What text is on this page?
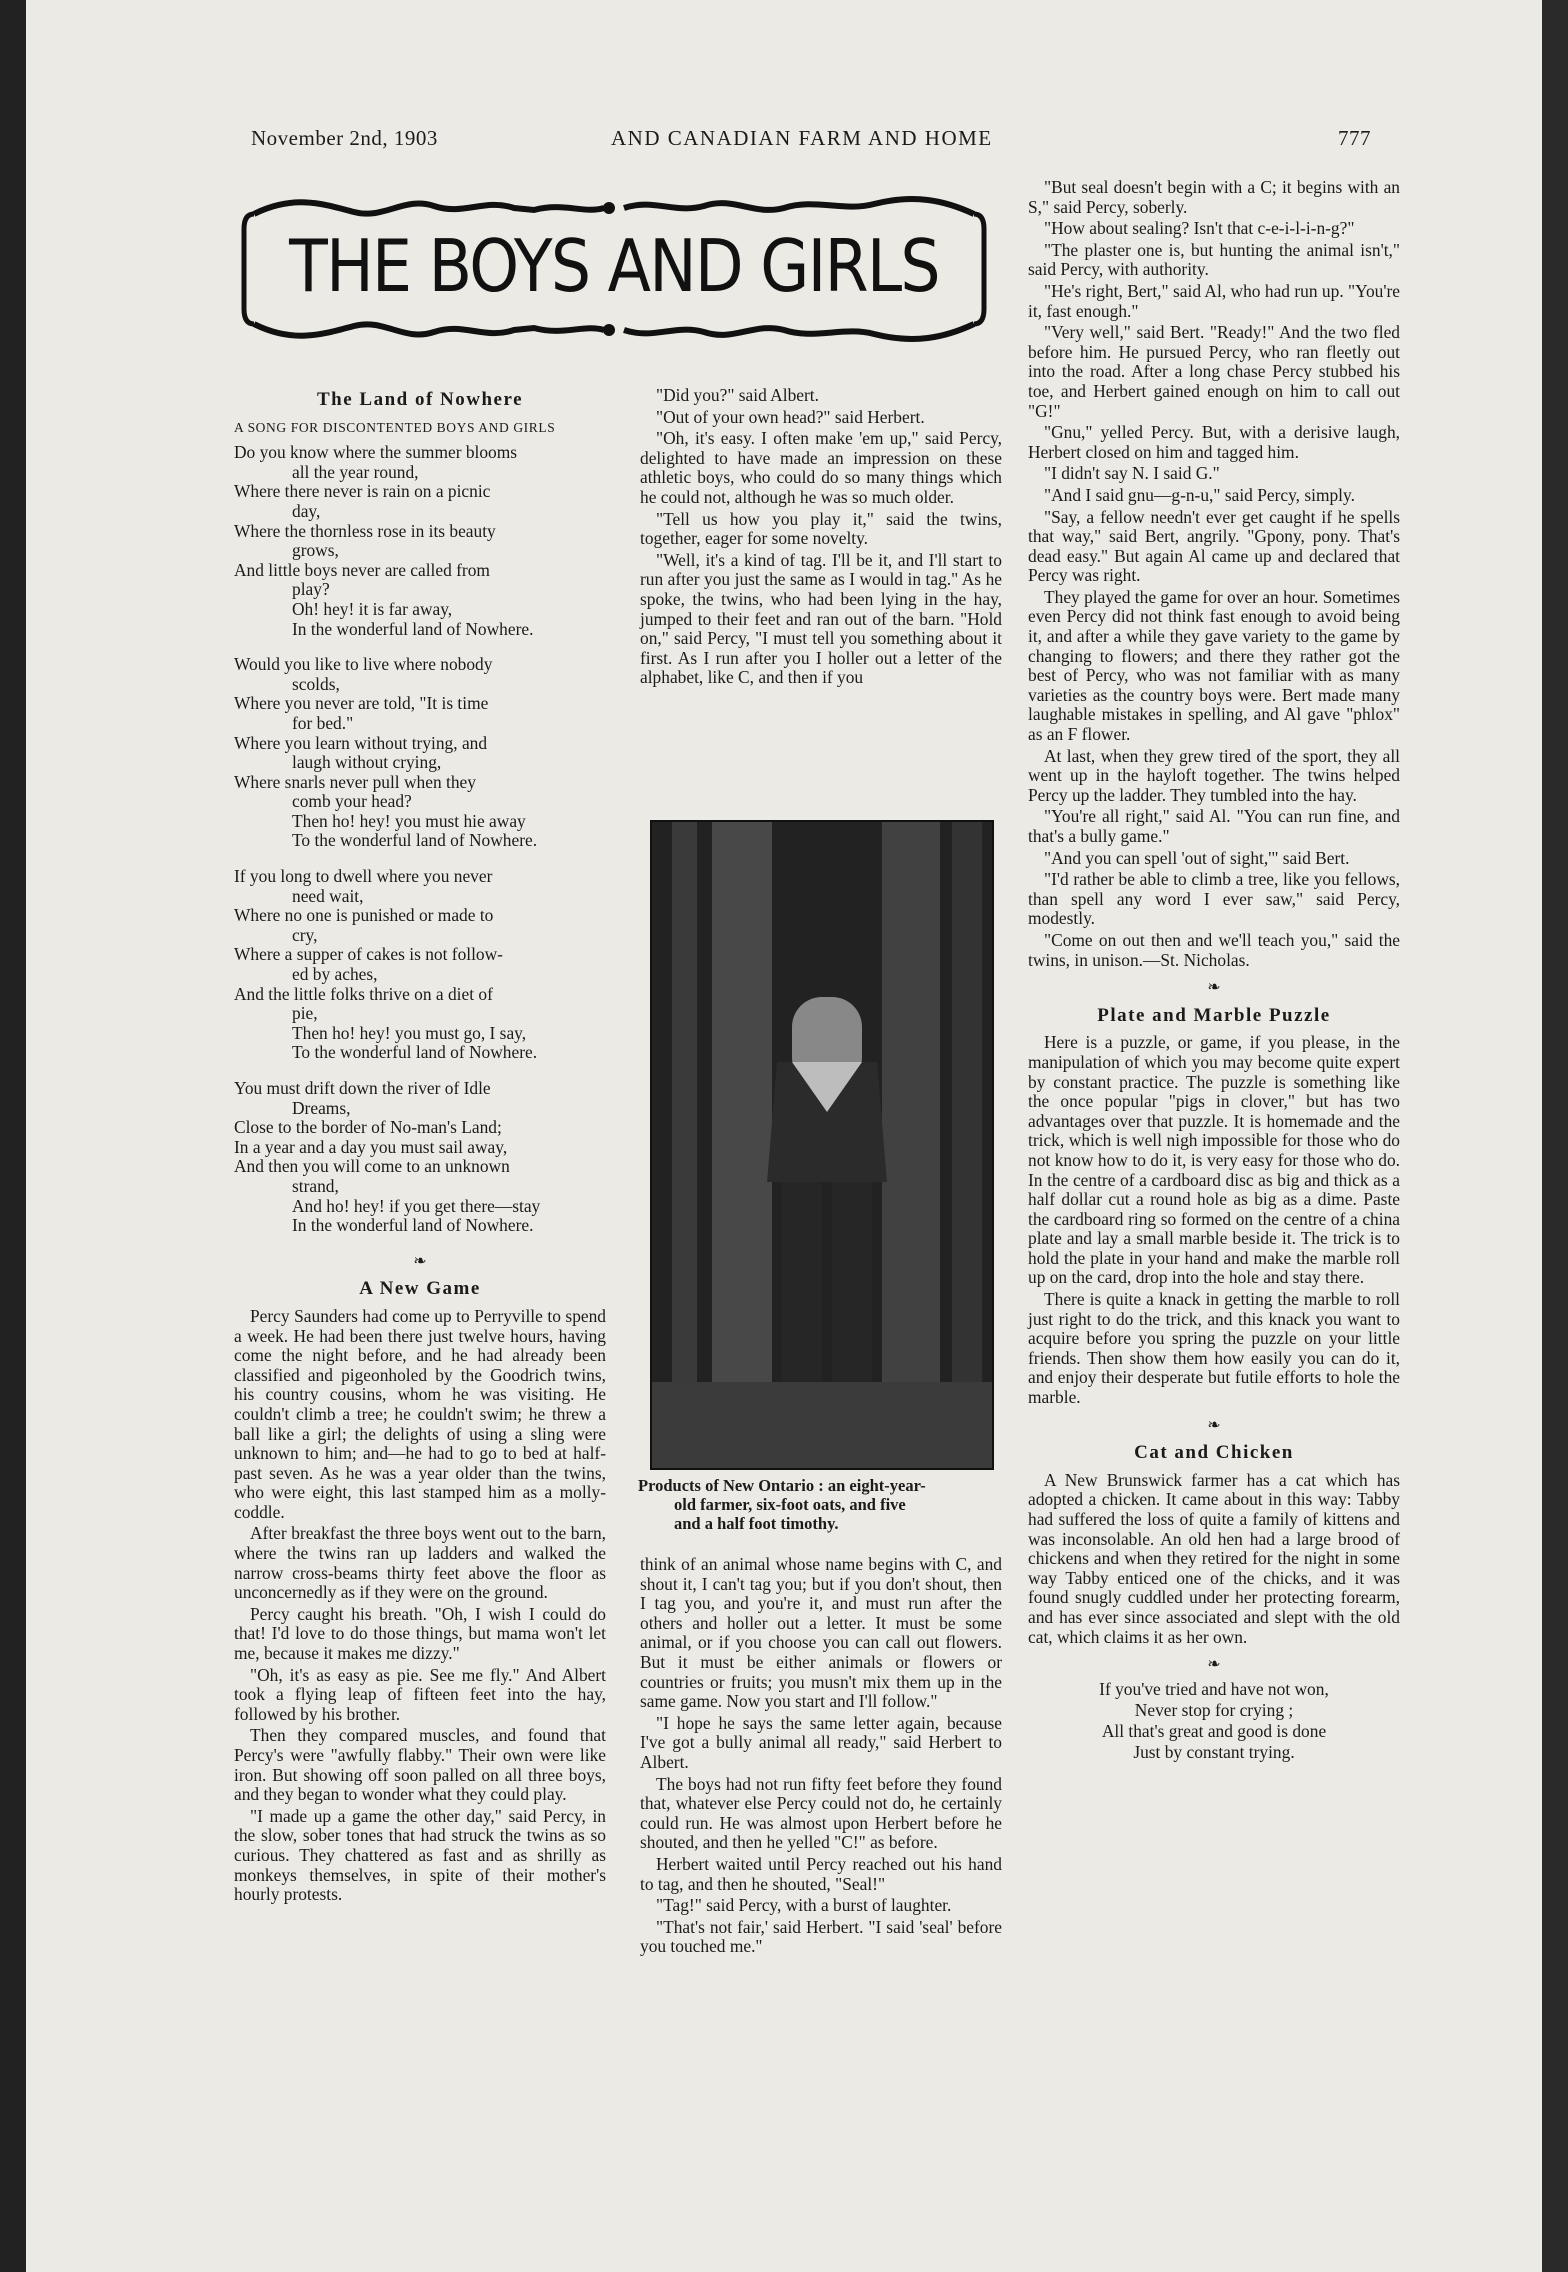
November 2nd, 1903	AND CANADIAN FARM AND HOME	777
THE BOYS AND GIRLS
The Land of Nowhere
A SONG FOR DISCONTENTED BOYS AND GIRLS
Do you know where the summer blooms
all the year round,
Where there never is rain on a picnic
day,
Where the thornless rose in its beauty
grows,
And little boys never are called from
play?
Oh! hey! it is far away,
In the wonderful land of Nowhere.
Would you like to live where nobody
scolds,
Where you never are told, "It is time
for bed."
Where you learn without trying, and
laugh without crying,
Where snarls never pull when they
comb your head?
Then ho! hey! you must hie away
To the wonderful land of Nowhere.
If you long to dwell where you never
need wait,
Where no one is punished or made to
cry,
Where a supper of cakes is not follow-
ed by aches,
And the little folks thrive on a diet of
pie,
Then ho! hey! you must go, I say,
To the wonderful land of Nowhere.
You must drift down the river of Idle
Dreams,
Close to the border of No-man's Land;
In a year and a day you must sail away,
And then you will come to an unknown
strand,
And ho! hey! if you get there—stay
In the wonderful land of Nowhere.
❧
A New Game

Percy Saunders had come up to Perryville to spend a week. He had been there just twelve hours, having come the night before, and he had already been classified and pigeonholed by the Goodrich twins, his country cousins, whom he was visiting. He couldn't climb a tree; he couldn't swim; he threw a ball like a girl; the delights of using a sling were unknown to him; and—he had to go to bed at half-past seven. As he was a year older than the twins, who were eight, this last stamped him as a molly-coddle.

After breakfast the three boys went out to the barn, where the twins ran up ladders and walked the narrow cross-beams thirty feet above the floor as unconcernedly as if they were on the ground.

Percy caught his breath. "Oh, I wish I could do that! I'd love to do those things, but mama won't let me, because it makes me dizzy."

"Oh, it's as easy as pie. See me fly." And Albert took a flying leap of fifteen feet into the hay, followed by his brother.

Then they compared muscles, and found that Percy's were "awfully flabby." Their own were like iron. But showing off soon palled on all three boys, and they began to wonder what they could play.

"I made up a game the other day," said Percy, in the slow, sober tones that had struck the twins as so curious. They chattered as fast and as shrilly as monkeys themselves, in spite of their mother's hourly protests.

"Did you?" said Albert.

"Out of your own head?" said Herbert.

"Oh, it's easy. I often make 'em up," said Percy, delighted to have made an impression on these athletic boys, who could do so many things which he could not, although he was so much older.

"Tell us how you play it," said the twins, together, eager for some novelty.

"Well, it's a kind of tag. I'll be it, and I'll start to run after you just the same as I would in tag." As he spoke, the twins, who had been lying in the hay, jumped to their feet and ran out of the barn. "Hold on," said Percy, "I must tell you something about it first. As I run after you I holler out a letter of the alphabet, like C, and then if you

Products of New Ontario : an eight-year-
old farmer, six-foot oats, and five
and a half foot timothy.

think of an animal whose name begins with C, and shout it, I can't tag you; but if you don't shout, then I tag you, and you're it, and must run after the others and holler out a letter. It must be some animal, or if you choose you can call out flowers. But it must be either animals or flowers or countries or fruits; you musn't mix them up in the same game. Now you start and I'll follow."

"I hope he says the same letter again, because I've got a bully animal all ready," said Herbert to Albert.

The boys had not run fifty feet before they found that, whatever else Percy could not do, he certainly could run. He was almost upon Herbert before he shouted, and then he yelled "C!" as before.

Herbert waited until Percy reached out his hand to tag, and then he shouted, "Seal!"

"Tag!" said Percy, with a burst of laughter.

"That's not fair,' said Herbert. "I said 'seal' before you touched me."

"But seal doesn't begin with a C; it begins with an S," said Percy, soberly.

"How about sealing? Isn't that c-e-i-l-i-n-g?"

"The plaster one is, but hunting the animal isn't," said Percy, with authority.

"He's right, Bert," said Al, who had run up. "You're it, fast enough."

"Very well," said Bert. "Ready!" And the two fled before him. He pursued Percy, who ran fleetly out into the road. After a long chase Percy stubbed his toe, and Herbert gained enough on him to call out "G!"

"Gnu," yelled Percy. But, with a derisive laugh, Herbert closed on him and tagged him.

"I didn't say N. I said G."

"And I said gnu—g-n-u," said Percy, simply.

"Say, a fellow needn't ever get caught if he spells that way," said Bert, angrily. "Gpony, pony. That's dead easy." But again Al came up and declared that Percy was right.

They played the game for over an hour. Sometimes even Percy did not think fast enough to avoid being it, and after a while they gave variety to the game by changing to flowers; and there they rather got the best of Percy, who was not familiar with as many varieties as the country boys were. Bert made many laughable mistakes in spelling, and Al gave "phlox" as an F flower.

At last, when they grew tired of the sport, they all went up in the hayloft together. The twins helped Percy up the ladder. They tumbled into the hay.

"You're all right," said Al. "You can run fine, and that's a bully game."

"And you can spell 'out of sight,'" said Bert.

"I'd rather be able to climb a tree, like you fellows, than spell any word I ever saw," said Percy, modestly.

"Come on out then and we'll teach you," said the twins, in unison.—St. Nicholas.

❧
Plate and Marble Puzzle

Here is a puzzle, or game, if you please, in the manipulation of which you may become quite expert by constant practice. The puzzle is something like the once popular "pigs in clover," but has two advantages over that puzzle. It is homemade and the trick, which is well nigh impossible for those who do not know how to do it, is very easy for those who do. In the centre of a cardboard disc as big and thick as a half dollar cut a round hole as big as a dime. Paste the cardboard ring so formed on the centre of a china plate and lay a small marble beside it. The trick is to hold the plate in your hand and make the marble roll up on the card, drop into the hole and stay there.

There is quite a knack in getting the marble to roll just right to do the trick, and this knack you want to acquire before you spring the puzzle on your little friends. Then show them how easily you can do it, and enjoy their desperate but futile efforts to hole the marble.

❧
Cat and Chicken

A New Brunswick farmer has a cat which has adopted a chicken. It came about in this way: Tabby had suffered the loss of quite a family of kittens and was inconsolable. An old hen had a large brood of chickens and when they retired for the night in some way Tabby enticed one of the chicks, and it was found snugly cuddled under her protecting forearm, and has ever since associated and slept with the old cat, which claims it as her own.

❧
If you've tried and have not won,
Never stop for crying ;
All that's great and good is done
Just by constant trying.
